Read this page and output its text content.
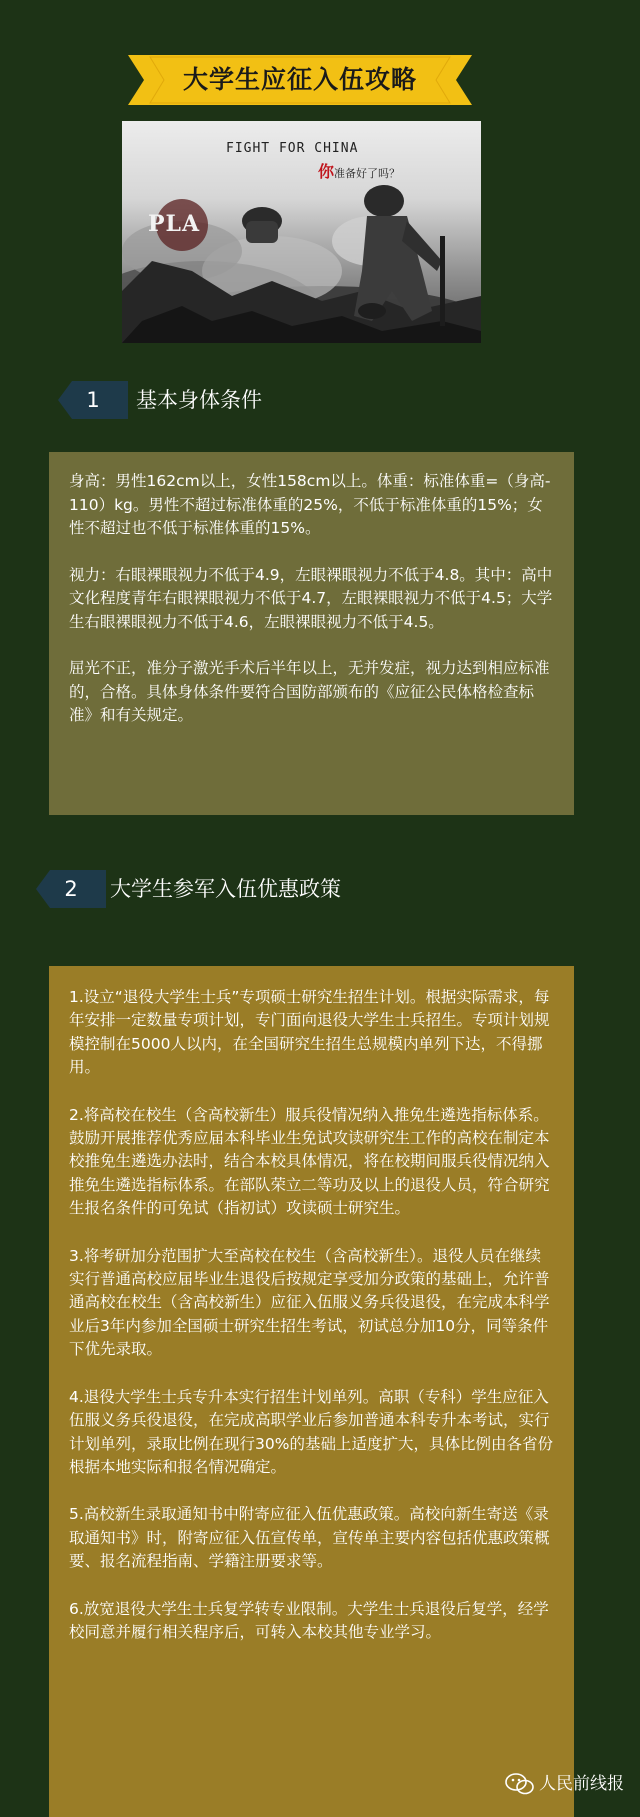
大学生应征入伍攻略
FIGHT FOR CHINA
你准备好了吗？
PLA
1	基本身体条件

身高：男性162cm以上，女性158cm以上。体重：标准体重=（身高-110）kg。男性不超过标准体重的25%，不低于标准体重的15%；女性不超过也不低于标准体重的15%。

视力：右眼裸眼视力不低于4.9，左眼裸眼视力不低于4.8。其中：高中文化程度青年右眼裸眼视力不低于4.7，左眼裸眼视力不低于4.5；大学生右眼裸眼视力不低于4.6，左眼裸眼视力不低于4.5。

屈光不正，准分子激光手术后半年以上，无并发症，视力达到相应标准的，合格。具体身体条件要符合国防部颁布的《应征公民体格检查标准》和有关规定。

2	大学生参军入伍优惠政策

1.设立“退役大学生士兵”专项硕士研究生招生计划。根据实际需求，每年安排一定数量专项计划，专门面向退役大学生士兵招生。专项计划规模控制在5000人以内，在全国研究生招生总规模内单列下达，不得挪用。

2.将高校在校生（含高校新生）服兵役情况纳入推免生遴选指标体系。鼓励开展推荐优秀应届本科毕业生免试攻读研究生工作的高校在制定本校推免生遴选办法时，结合本校具体情况，将在校期间服兵役情况纳入推免生遴选指标体系。在部队荣立二等功及以上的退役人员，符合研究生报名条件的可免试（指初试）攻读硕士研究生。

3.将考研加分范围扩大至高校在校生（含高校新生）。退役人员在继续实行普通高校应届毕业生退役后按规定享受加分政策的基础上，允许普通高校在校生（含高校新生）应征入伍服义务兵役退役，在完成本科学业后3年内参加全国硕士研究生招生考试，初试总分加10分，同等条件下优先录取。

4.退役大学生士兵专升本实行招生计划单列。高职（专科）学生应征入伍服义务兵役退役，在完成高职学业后参加普通本科专升本考试，实行计划单列，录取比例在现行30%的基础上适度扩大，具体比例由各省份根据本地实际和报名情况确定。

5.高校新生录取通知书中附寄应征入伍优惠政策。高校向新生寄送《录取通知书》时，附寄应征入伍宣传单，宣传单主要内容包括优惠政策概要、报名流程指南、学籍注册要求等。

6.放宽退役大学生士兵复学转专业限制。大学生士兵退役后复学，经学校同意并履行相关程序后，可转入本校其他专业学习。

人民前线报
